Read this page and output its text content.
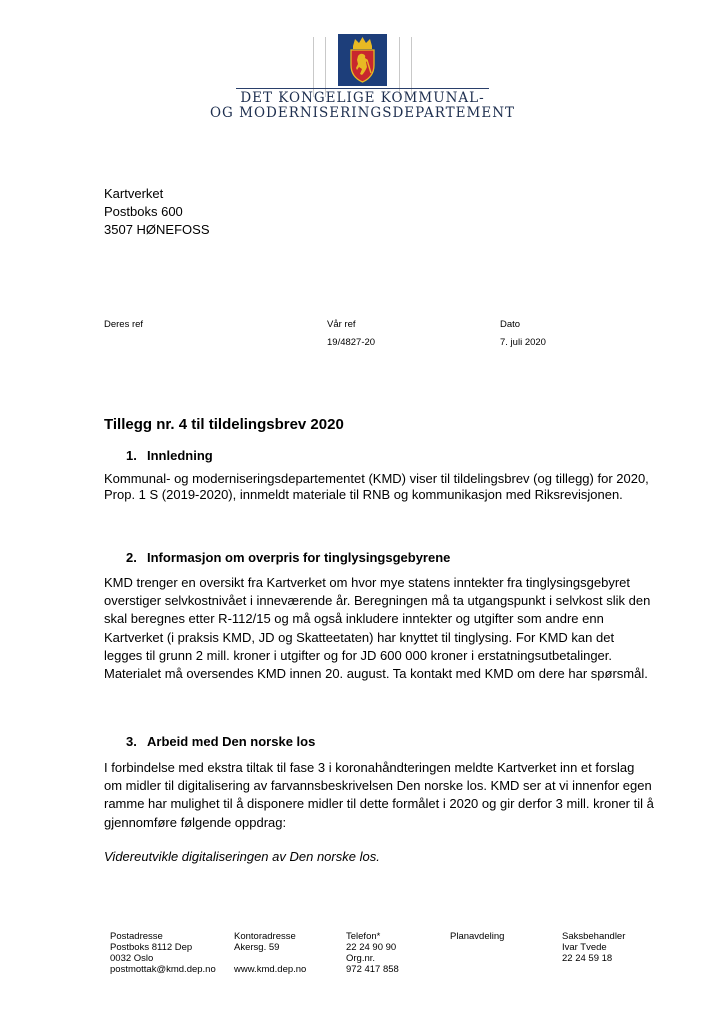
DET KONGELIGE KOMMUNAL-
OG MODERNISERINGSDEPARTEMENT
Kartverket
Postboks 600
3507 HØNEFOSS
Deres ref	Vår ref
19/4827-20
Dato
7. juli 2020
Tillegg nr. 4 til tildelingsbrev 2020
1. Innledning
Kommunal- og moderniseringsdepartementet (KMD) viser til tildelingsbrev (og tillegg) for 2020, Prop. 1 S (2019-2020), innmeldt materiale til RNB og kommunikasjon med Riksrevisjonen.
2. Informasjon om overpris for tinglysingsgebyrene
KMD trenger en oversikt fra Kartverket om hvor mye statens inntekter fra tinglysingsgebyret overstiger selvkostnivået i inneværende år. Beregningen må ta utgangspunkt i selvkost slik den skal beregnes etter R-112/15 og må også inkludere inntekter og utgifter som andre enn Kartverket (i praksis KMD, JD og Skatteetaten) har knyttet til tinglysing. For KMD kan det legges til grunn 2 mill. kroner i utgifter og for JD 600 000 kroner i erstatningsutbetalinger. Materialet må oversendes KMD innen 20. august. Ta kontakt med KMD om dere har spørsmål.
3. Arbeid med Den norske los
I forbindelse med ekstra tiltak til fase 3 i koronahåndteringen meldte Kartverket inn et forslag om midler til digitalisering av farvannsbeskrivelsen Den norske los. KMD ser at vi innenfor egen ramme har mulighet til å disponere midler til dette formålet i 2020 og gir derfor 3 mill. kroner til å gjennomføre følgende oppdrag:
Videreutvikle digitaliseringen av Den norske los.
Postadresse
Postboks 8112 Dep
0032 Oslo
postmottak@kmd.dep.no
Kontoradresse
Akersg. 59

www.kmd.dep.no
Telefon*
22 24 90 90
Org.nr.
972 417 858
Planavdeling	Saksbehandler
Ivar Tvede
22 24 59 18
